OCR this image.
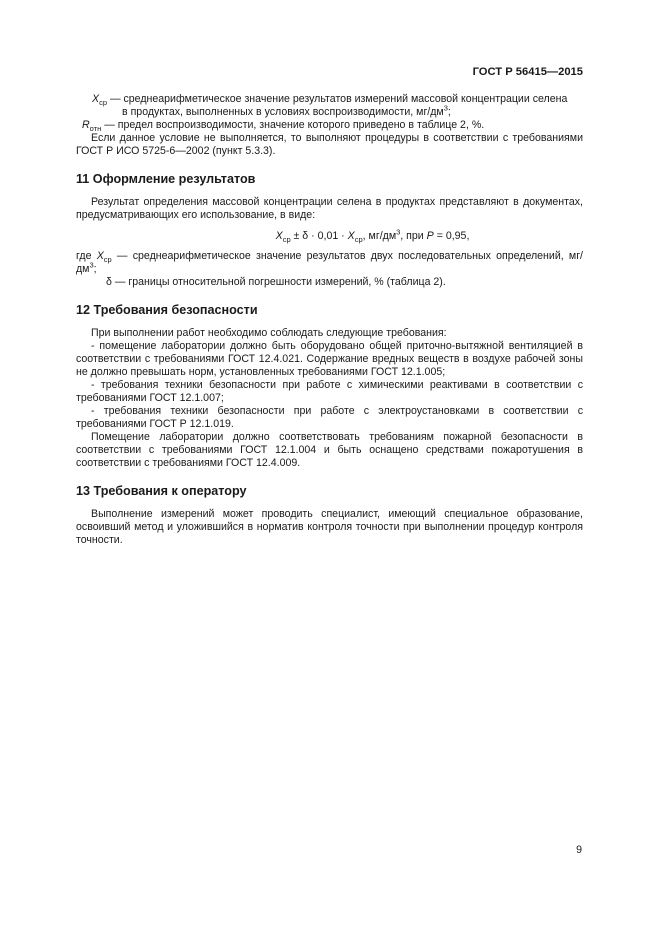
ГОСТ Р 56415—2015

$X_{ср}$ — среднеарифметическое значение результатов измерений массовой концентрации селена
в продуктах, выполненных в условиях воспроизводимости, $мг/дм^3$;

$R_{отн}$ — предел воспроизводимости, значение которого приведено в таблице 2, %.

Если данное условие не выполняется, то выполняют процедуры в соответствии с требованиями ГОСТ Р ИСО 5725-6—2002 (пункт 5.3.3).

11 Оформление результатов

Результат определения массовой концентрации селена в продуктах представляют в документах, предусматривающих его использование, в виде:

$X_{ср} \pm \delta \cdot 0,01 \cdot X_{ср}$, $мг/дм^3$, при P = 0,95,

где $X_{ср}$ — среднеарифметическое значение результатов двух последовательных определений, $мг/дм^3$;

δ — границы относительной погрешности измерений, % (таблица 2).

12 Требования безопасности

При выполнении работ необходимо соблюдать следующие требования:

- помещение лаборатории должно быть оборудовано общей приточно-вытяжной вентиляцией в соответствии с требованиями ГОСТ 12.4.021. Содержание вредных веществ в воздухе рабочей зоны не должно превышать норм, установленных требованиями ГОСТ 12.1.005;

- требования техники безопасности при работе с химическими реактивами в соответствии с требованиями ГОСТ 12.1.007;

- требования техники безопасности при работе с электроустановками в соответствии с требованиями ГОСТ Р 12.1.019.

Помещение лаборатории должно соответствовать требованиям пожарной безопасности в соответствии с требованиями ГОСТ 12.1.004 и быть оснащено средствами пожаротушения в соответствии с требованиями ГОСТ 12.4.009.

13 Требования к оператору

Выполнение измерений может проводить специалист, имеющий специальное образование, освоивший метод и уложившийся в норматив контроля точности при выполнении процедур контроля точности.

9
